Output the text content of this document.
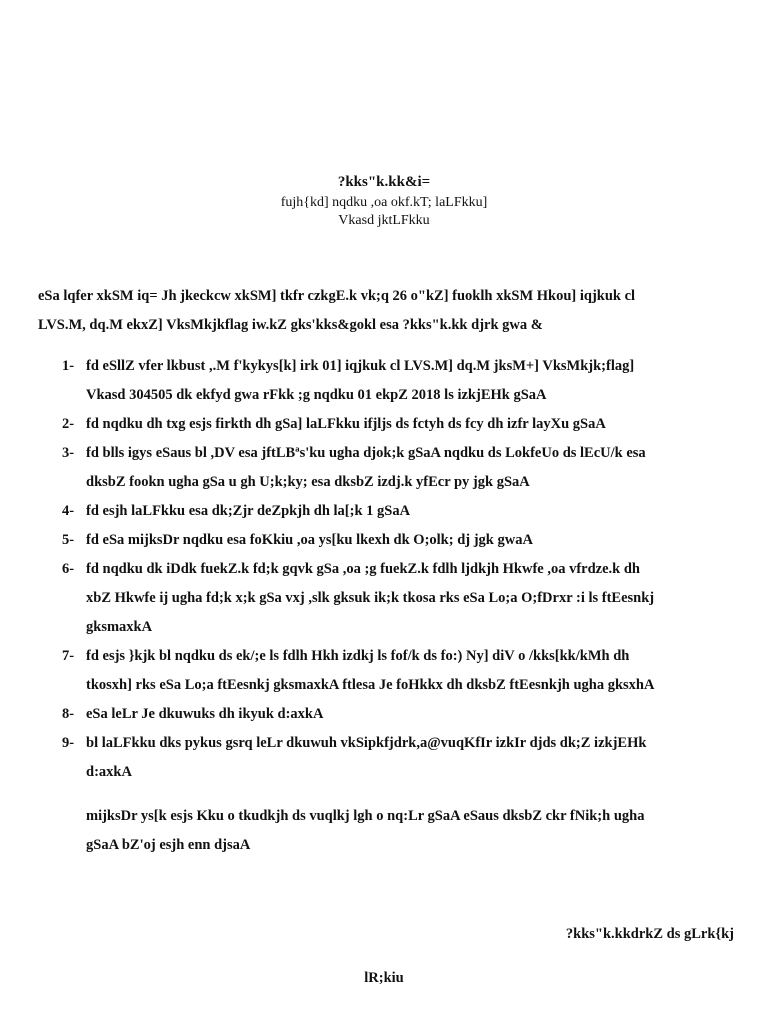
?kks"k.kk&i=
fujh{kd] nqdku ,oa okf.kT; laLFkku]
Vkasd jktLFkku
eSa lqfer xkSM iq= Jh jkeckcw xkSM] tkfr czkgE.k vk;q 26 o"kZ] fuoklh xkSM Hkou] iqjkuk cl
LVS.M, dq.M ekxZ] VksMkjkflag iw.kZ gks'kks&gokl esa ?kks"k.kk djrk gwa &
1- fd eSllZ vfer lkbust ,.M f'kykys[k] irk 01] iqjkuk cl LVS.M] dq.M jksM+] VksMkjk;flag]
Vkasd 304505 dk ekfyd gwa rFkk ;g nqdku 01 ekpZ 2018 ls izkjEHk gSaA
2- fd nqdku dh txg esjs firkth dh gSa] laLFkku ifjljs ds fctyh ds fcy dh izfr layXu gSaA
3- fd blls igys eSaus bl ,DV esa jftLBªs'ku ugha djok;k gSaA nqdku ds LokfeUo ds lEcU/k esa
dksbZ fookn ugha gSa u gh U;k;ky; esa dksbZ izdj.k yfEcr py jgk gSaA
4- fd esjh laLFkku esa dk;Zjr deZpkjh dh la[;k 1 gSaA
5- fd eSa mijksDr nqdku esa foKkiu ,oa ys[ku lkexh dk O;olk; dj jgk gwaA
6- fd nqdku dk iDdk fuekZ.k fd;k gqvk gSa ,oa ;g fuekZ.k fdlh ljdkjh Hkwfe ,oa vfrdze.k dh
xbZ Hkwfe ij ugha fd;k x;k gSa vxj ,slk gksuk ik;k tkosa rks eSa Lo;a O;fDrxr :i ls ftEesnkj
gksmaxkA
7- fd esjs }kjk bl nqdku ds ek/;e ls fdlh Hkh izdkj ls fof/k ds fo:) Ny] diV o /kks[kk/kMh dh
tkosxh] rks eSa Lo;a ftEesnkj gksmaxkA ftlesa Je foHkkx dh dksbZ ftEesnkjh ugha gksxhA
8- eSa leLr Je dkuwuks dh ikyuk d:axkA
9- bl laLFkku dks pykus gsrq leLr dkuwuh vkSipkfjdrk,a@vuqKfIr izkIr djds dk;Z izkjEHk
d:axkA
mijksDr ys[k esjs Kku o tkudkjh ds vuqlkj lgh o nq:Lr gSaA eSaus dksbZ ckr fNik;h ugha
gSaA bZ'oj esjh enn djsaA
?kks"k.kkdrkZ ds gLrk{kj
lR;kiu
